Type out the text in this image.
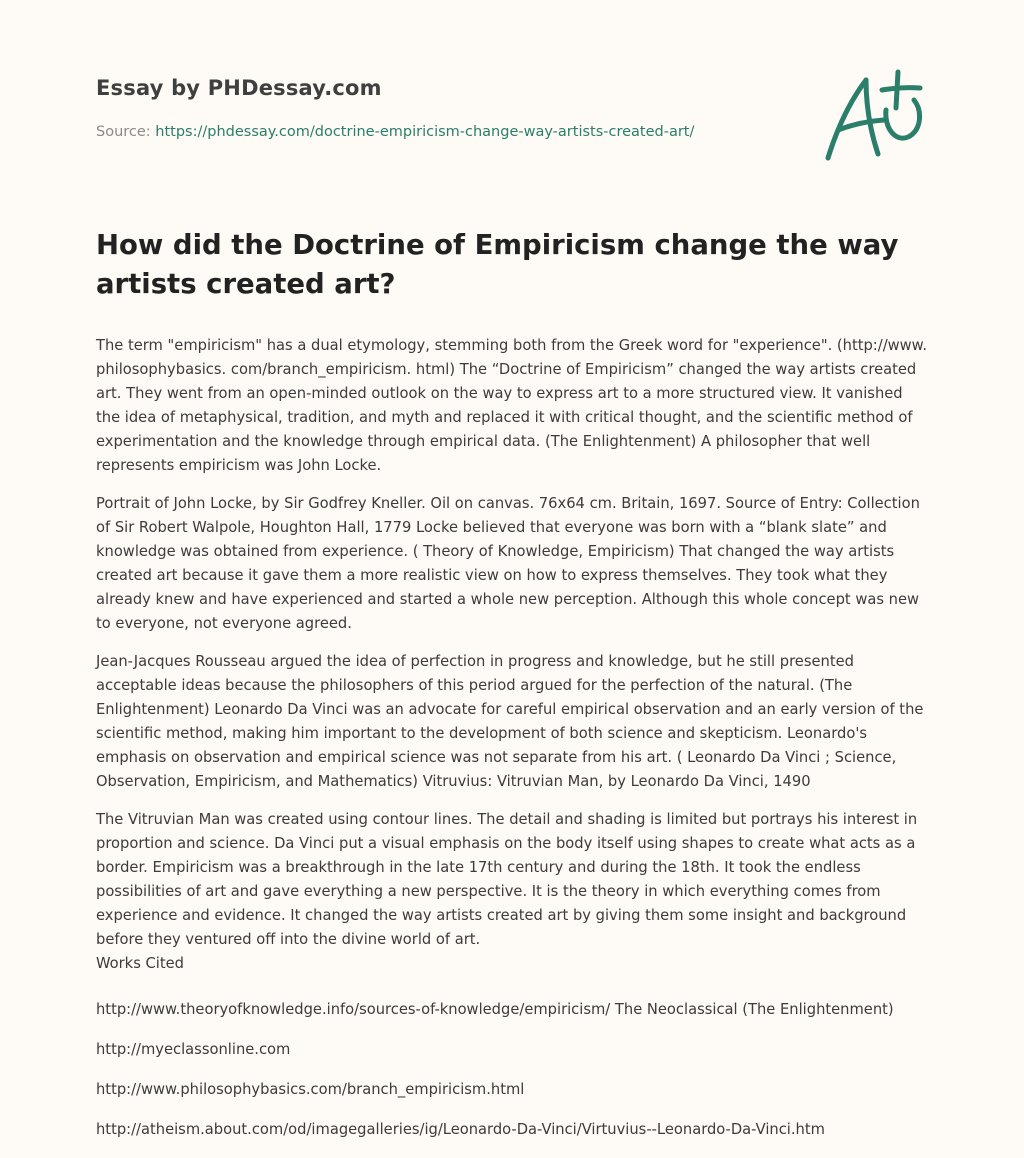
Essay by PHDessay.com
Source: https://phdessay.com/doctrine-empiricism-change-way-artists-created-art/
How did the Doctrine of Empiricism change the way artists created art?

The term "empiricism" has a dual etymology, stemming both from the Greek word for "experience". (http://www. philosophybasics. com/branch_empiricism. html) The “Doctrine of Empiricism” changed the way artists created art. They went from an open-minded outlook on the way to express art to a more structured view. It vanished the idea of metaphysical, tradition, and myth and replaced it with critical thought, and the scientific method of experimentation and the knowledge through empirical data. (The Enlightenment) A philosopher that well represents empiricism was John Locke.

Portrait of John Locke, by Sir Godfrey Kneller. Oil on canvas. 76x64 cm. Britain, 1697. Source of Entry: Collection of Sir Robert Walpole, Houghton Hall, 1779 Locke believed that everyone was born with a “blank slate” and knowledge was obtained from experience. ( Theory of Knowledge, Empiricism) That changed the way artists created art because it gave them a more realistic view on how to express themselves. They took what they already knew and have experienced and started a whole new perception. Although this whole concept was new to everyone, not everyone agreed.

Jean-Jacques Rousseau argued the idea of perfection in progress and knowledge, but he still presented acceptable ideas because the philosophers of this period argued for the perfection of the natural. (The Enlightenment) Leonardo Da Vinci was an advocate for careful empirical observation and an early version of the scientific method, making him important to the development of both science and skepticism. Leonardo's emphasis on observation and empirical science was not separate from his art. ( Leonardo Da Vinci ; Science, Observation, Empiricism, and Mathematics) Vitruvius: Vitruvian Man, by Leonardo Da Vinci, 1490

The Vitruvian Man was created using contour lines. The detail and shading is limited but portrays his interest in proportion and science. Da Vinci put a visual emphasis on the body itself using shapes to create what acts as a border. Empiricism was a breakthrough in the late 17th century and during the 18th. It took the endless possibilities of art and gave everything a new perspective. It is the theory in which everything comes from experience and evidence. It changed the way artists created art by giving them some insight and background before they ventured off into the divine world of art.

Works Cited
http://www.theoryofknowledge.info/sources-of-knowledge/empiricism/ The Neoclassical (The Enlightenment)
http://myeclassonline.com
http://www.philosophybasics.com/branch_empiricism.html
http://atheism.about.com/od/imagegalleries/ig/Leonardo-Da-Vinci/Virtuvius--Leonardo-Da-Vinci.htm
